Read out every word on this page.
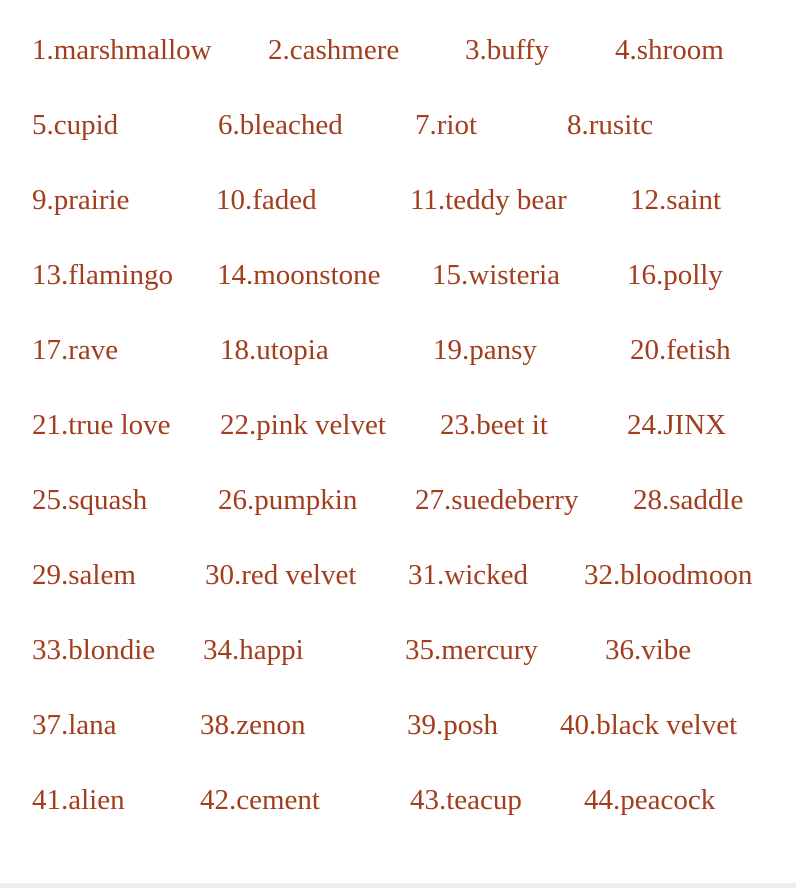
1.marshmallow 2.cashmere 3.buffy 4.shroom
5.cupid	6.bleached 7.riot	8.rusitc
9.prairie	10.faded	11.teddy bear 12.saint
13.flamingo 14.moonstone 15.wisteria 16.polly
17.rave	18.utopia	19.pansy	20.fetish
21.true love 22.pink velvet 23.beet it	24.JINX
25.squash 26.pumpkin 27.suedeberry 28.saddle
29.salem 30.red velvet 31.wicked 32.bloodmoon
33.blondie 34.happi	35.mercury 36.vibe
37.lana	38.zenon	39.posh 40.black velvet
41.alien	42.cement	43.teacup 44.peacock
